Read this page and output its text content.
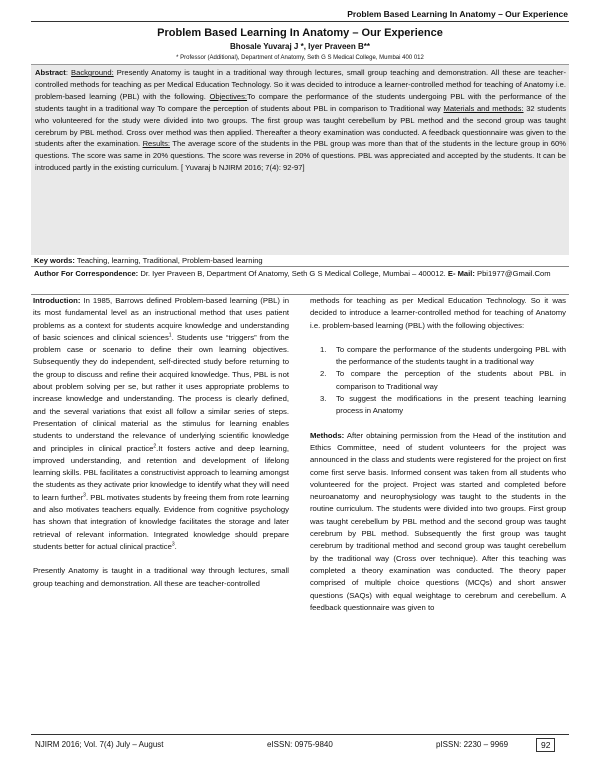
Problem Based Learning In Anatomy – Our Experience
Problem Based Learning In Anatomy – Our Experience
Bhosale Yuvaraj J *, Iyer Praveen B**
* Professor (Additional), Department of Anatomy, Seth G S Medical College, Mumbai 400 012
Abstract: Background: Presently Anatomy is taught in a traditional way through lectures, small group teaching and demonstration. All these are teacher-controlled methods for teaching as per Medical Education Technology. So it was decided to introduce a learner-controlled method for teaching of Anatomy i.e. problem-based learning (PBL) with the following. Objectives:To compare the performance of the students undergoing PBL with the performance of the students taught in a traditional way To compare the perception of students about PBL in comparison to Traditional way Materials and methods: 32 students who volunteered for the study were divided into two groups. The first group was taught cerebellum by PBL method and the second group was taught cerebrum by PBL method. Cross over method was then applied. Thereafter a theory examination was conducted. A feedback questionnaire was given to the students after the examination. Results: The average score of the students in the PBL group was more than that of the students in the lecture group in 60% questions. The score was same in 20% questions. The score was reverse in 20% of questions. PBL was appreciated and accepted by the students. It can be introduced partly in the existing curriculum. [ Yuvaraj b NJIRM 2016; 7(4): 92-97]
Key words: Teaching, learning, Traditional, Problem-based learning
Author For Correspondence: Dr. Iyer Praveen B, Department Of Anatomy, Seth G S Medical College, Mumbai – 400012. E- Mail: Pbi1977@Gmail.Com

Introduction: In 1985, Barrows defined Problem-based learning (PBL) in its most fundamental level as an instructional method that uses patient problems as a context for students acquire knowledge and understanding of basic sciences and clinical sciences$^1$. Students use “triggers” from the problem case or scenario to define their own learning objectives. Subsequently they do independent, self-directed study before returning to the group to discuss and refine their acquired knowledge. Thus, PBL is not about problem solving per se, but rather it uses appropriate problems to increase knowledge and understanding. The process is clearly defined, and the several variations that exist all follow a similar series of steps. Presentation of clinical material as the stimulus for learning enables students to understand the relevance of underlying scientific knowledge and principles in clinical practice$^2$.It fosters active and deep learning, improved understanding, and retention and development of lifelong learning skills. PBL facilitates a constructivist approach to learning amongst the students as they activate prior knowledge to identify what they will need to learn further$^3$. PBL motivates students by freeing them from rote learning and also motivates teachers equally. Evidence from cognitive psychology has shown that integration of knowledge facilitates the storage and later retrieval of relevant information. Integrated knowledge should prepare students better for actual clinical practice$^3$.

Presently Anatomy is taught in a traditional way through lectures, small group teaching and demonstration. All these are teacher-controlled

methods for teaching as per Medical Education Technology. So it was decided to introduce a learner-controlled method for teaching of Anatomy i.e. problem-based learning (PBL) with the following objectives:

1. To compare the performance of the students undergoing PBL with the performance of the students taught in a traditional way
2. To compare the perception of the students about PBL in comparison to Traditional way
3. To suggest the modifications in the present teaching learning process in Anatomy

Methods: After obtaining permission from the Head of the institution and Ethics Committee, need of student volunteers for the project was announced in the class and students were registered for the project on first come first serve basis. Informed consent was taken from all students who volunteered for the project. Project was started and completed before neuroanatomy and neurophysiology was taught to the students in the routine curriculum. The students were divided into two groups. First group was taught cerebellum by PBL method and the second group was taught cerebrum by PBL method. Subsequently the first group was taught cerebrum by traditional method and second group was taught cerebellum by the traditional way (Cross over technique). After this teaching was completed a theory examination was conducted. The theory paper comprised of multiple choice questions (MCQs) and short answer questions (SAQs) with equal weightage to cerebrum and cerebellum. A feedback questionnaire was given to

NJIRM 2016; Vol. 7(4) July – August	eISSN: 0975-9840	pISSN: 2230 – 9969	92
